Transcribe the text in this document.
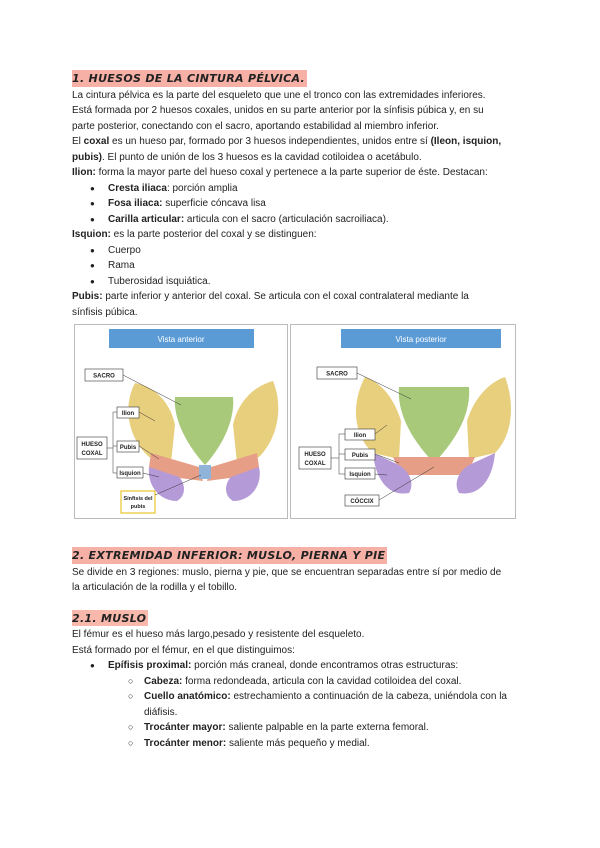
1. HUESOS DE LA CINTURA PÉLVICA.

La cintura pélvica es la parte del esqueleto que une el tronco con las extremidades inferiores.

Está formada por 2 huesos coxales, unidos en su parte anterior por la sínfisis púbica y, en su

parte posterior, conectando con el sacro, aportando estabilidad al miembro inferior.

El coxal es un hueso par, formado por 3 huesos independientes, unidos entre sí (Ileon, isquion,

pubis). El punto de unión de los 3 huesos es la cavidad cotiloidea o acetábulo.

Ilion: forma la mayor parte del hueso coxal y pertenece a la parte superior de éste. Destacan:

● Cresta iliaca: porción amplia
● Fosa iliaca: superficie cóncava lisa
● Carilla articular: articula con el sacro (articulación sacroiliaca).

Isquion: es la parte posterior del coxal y se distinguen:

● Cuerpo
● Rama
● Tuberosidad isquiática.

Pubis: parte inferior y anterior del coxal. Se articula con el coxal contralateral mediante la

sínfisis púbica.

Vista anterior
SACRO
Ilion
Pubis
Isquion
HUESO
COXAL
Sínfisis del
pubis
Vista posterior
SACRO
Ilion
Pubis
Isquion
HUESO
COXAL
CÓCCIX

2. EXTREMIDAD INFERIOR: MUSLO, PIERNA Y PIE

Se divide en 3 regiones: muslo, pierna y pie, que se encuentran separadas entre sí por medio de

la articulación de la rodilla y el tobillo.

2.1. MUSLO

El fémur es el hueso más largo,pesado y resistente del esqueleto.

Está formado por el fémur, en el que distinguimos:

● Epífisis proximal: porción más craneal, donde encontramos otras estructuras:
○ Cabeza: forma redondeada, articula con la cavidad cotiloidea del coxal.
○ Cuello anatómico: estrechamiento a continuación de la cabeza, uniéndola con la
diáfisis.
○ Trocánter mayor: saliente palpable en la parte externa femoral.
○ Trocánter menor: saliente más pequeño y medial.
